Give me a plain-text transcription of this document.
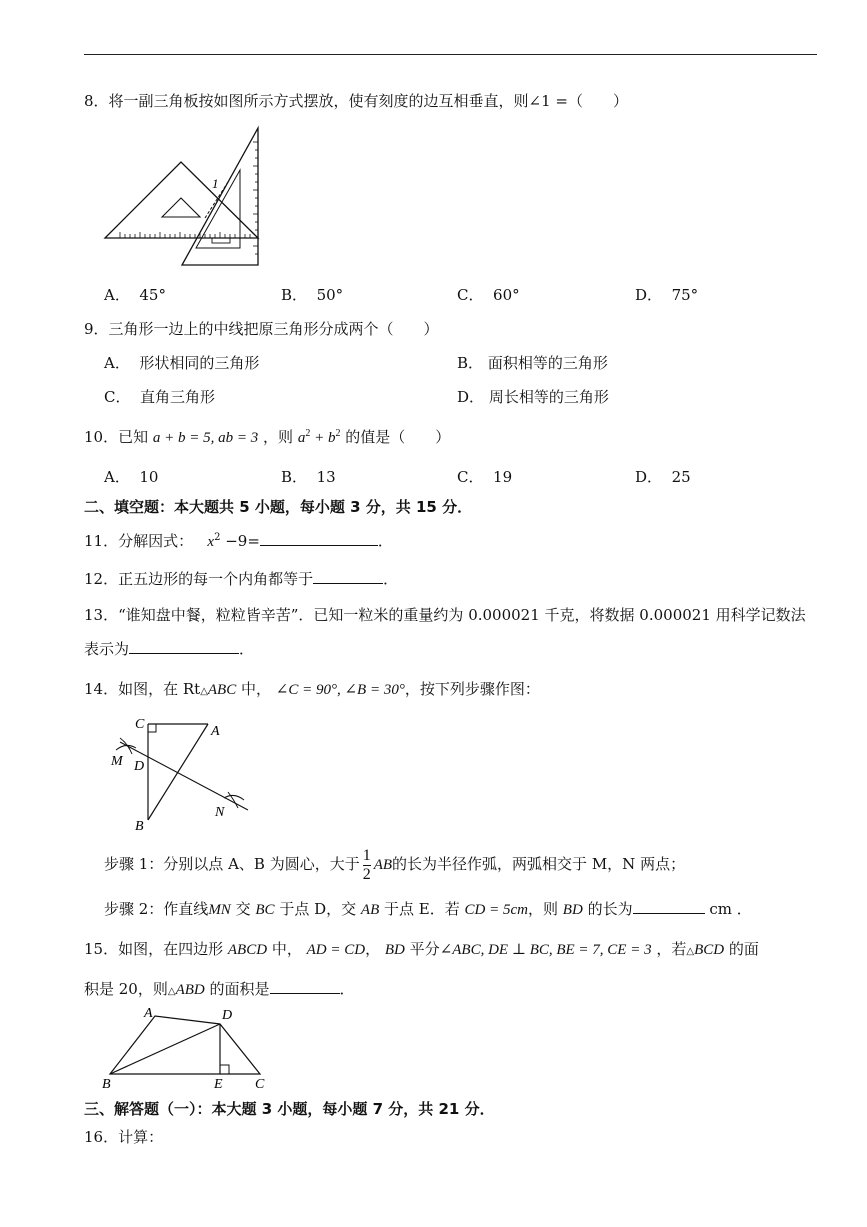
8．将一副三角板按如图所示方式摆放，使有刻度的边互相垂直，则∠1 =（　　）
1
A． 45°	B． 50°	C． 60°	D． 75°
9．三角形一边上的中线把原三角形分成两个（　　）
A． 形状相同的三角形	B． 面积相等的三角形
C． 直角三角形	D． 周长相等的三角形
10．已知 a + b = 5, ab = 3 ，则 $a^2 + b^2$ 的值是（　　）
A． 10	B． 13	C． 19	D． 25
二、填空题：本大题共 5 小题，每小题 3 分，共 15 分．
11．分解因式： $x^2 -9=$	．
12．正五边形的每一个内角都等于	．
13．“谁知盘中餐，粒粒皆辛苦”．已知一粒米的重量约为 0.000021 千克，将数据 0.000021 用科学记数法
表示为	．
14．如图，在 Rt△ABC 中， ∠C = 90°, ∠B = 30°，按下列步骤作图：
C	A
M D
N
B
步骤 1：分别以点 A、B 为圆心，大于 $\frac{1}{2}$ AB的长为半径作弧，两弧相交于 M，N 两点；
步骤 2：作直线MN 交 BC 于点 D，交 AB 于点 E．若 CD = 5cm，则 BD 的长为	cm ．
15．如图，在四边形 ABCD 中， AD = CD， BD 平分∠ABC, DE ⊥ BC, BE = 7, CE = 3 ，若△BCD 的面
积是 20，则△ABD 的面积是	．
A	D
B	E C
三、解答题（一）：本大题 3 小题，每小题 7 分，共 21 分．
16．计算：
